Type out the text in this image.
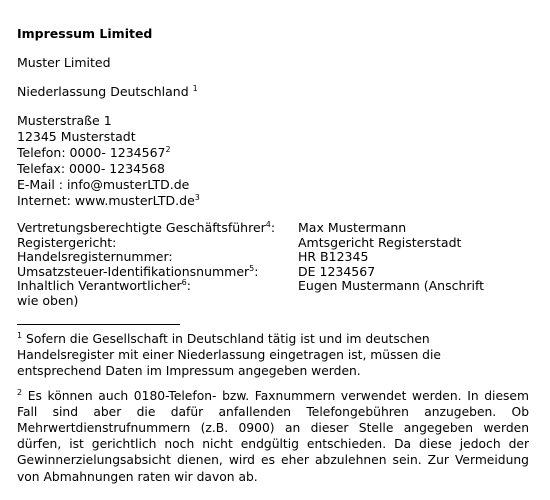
Impressum Limited
Muster Limited
Niederlassung Deutschland $^1$
Musterstraße 1
12345 Musterstadt
Telefon: 0000- 1234567$^2$
Telefax: 0000- 1234568
E-Mail : info@musterLTD.de
Internet: $www.musterLTD.de^3$
Vertretungsberechtigte Geschäftsführer$^4$:	Max Mustermann
Registergericht:	Amtsgericht Registerstadt
Handelsregisternummer:	HR B12345
Umsatzsteuer-Identifikationsnummer$^5$:	DE 1234567
Inhaltlich Verantwortlicher$^6$:	Eugen Mustermann (Anschrift
wie oben)
$^1$ Sofern die Gesellschaft in Deutschland tätig ist und im deutschen Handelsregister mit einer Niederlassung eingetragen ist, müssen die entsprechend Daten im Impressum angegeben werden.
$^2$ Es können auch 0180-Telefon- bzw. Faxnummern verwendet werden. In diesem Fall sind aber die dafür anfallenden Telefongebühren anzugeben. Ob Mehrwertdienstrufnummern (z.B. 0900) an dieser Stelle angegeben werden dürfen, ist gerichtlich noch nicht endgültig entschieden. Da diese jedoch der Gewinnerzielungsabsicht dienen, wird es eher abzulehnen sein. Zur Vermeidung von Abmahnungen raten wir davon ab.
